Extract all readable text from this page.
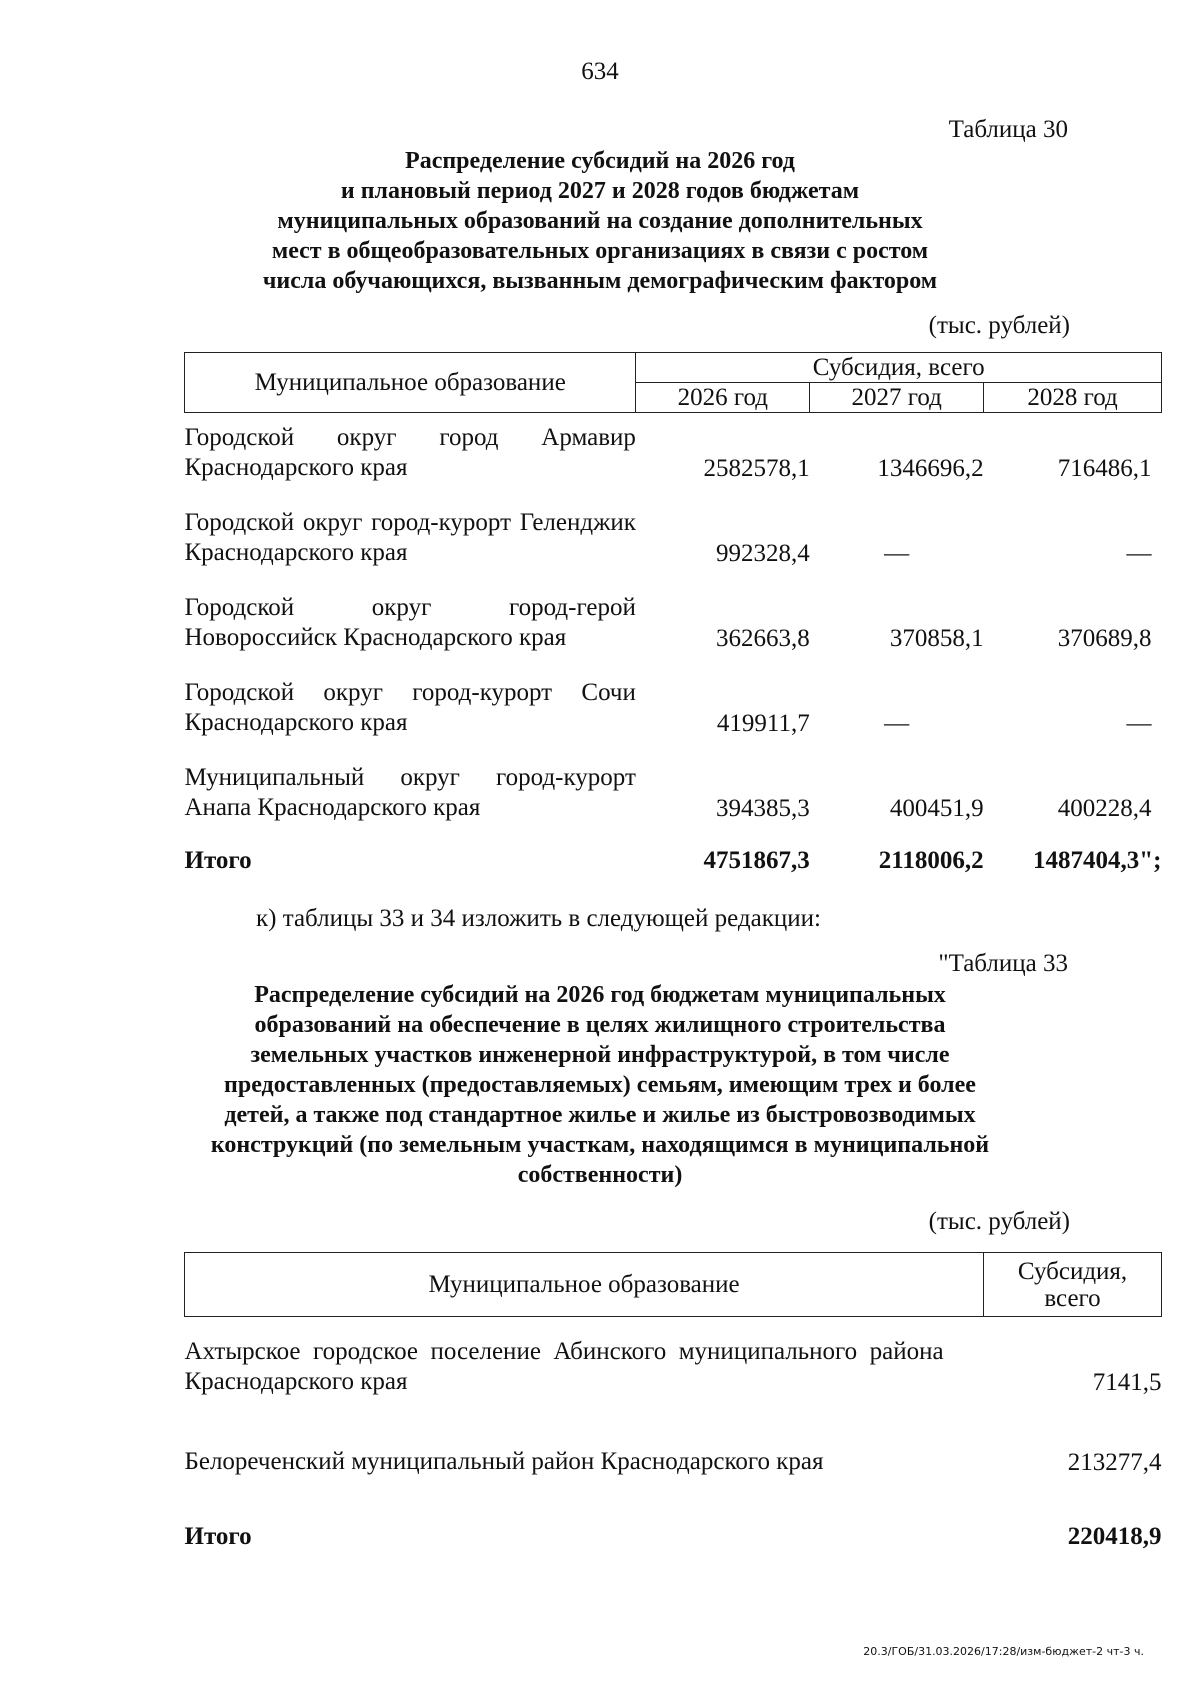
634
Таблица 30
Распределение субсидий на 2026 год
и плановый период 2027 и 2028 годов бюджетам
муниципальных образований на создание дополнительных
мест в общеобразовательных организациях в связи с ростом
числа обучающихся, вызванным демографическим фактором
(тыс. рублей)
Муниципальное образование	Субсидия, всего		
	2026 год	2027 год	2028 год
Городской округ город Армавир Краснодарского края	2582578,1	1346696,2	716486,1
Городской округ город-курорт Геленджик Краснодарского края	992328,4	—	—
Городской округ город-герой Новороссийск Краснодарского края	362663,8	370858,1	370689,8
Городской округ город-курорт Сочи Краснодарского края	419911,7	—	—
Муниципальный округ город-курорт Анапа Краснодарского края	394385,3	400451,9	400228,4
Итого	4751867,3	2118006,2	1487404,3";
к) таблицы 33 и 34 изложить в следующей редакции:
"Таблица 33
Распределение субсидий на 2026 год бюджетам муниципальных
образований на обеспечение в целях жилищного строительства
земельных участков инженерной инфраструктурой, в том числе
предоставленных (предоставляемых) семьям, имеющим трех и более
детей, а также под стандартное жилье и жилье из быстровозводимых
конструкций (по земельным участкам, находящимся в муниципальной
собственности)
(тыс. рублей)
Муниципальное образование	Субсидия,
всего

Ахтырское городское поселение Абинского муниципального района Краснодарского края	7141,5
Белореченский муниципальный район Краснодарского края	213277,4
Итого	220418,9
20.3/ГОБ/31.03.2026/17:28/изм-бюджет-2 чт-3 ч.
